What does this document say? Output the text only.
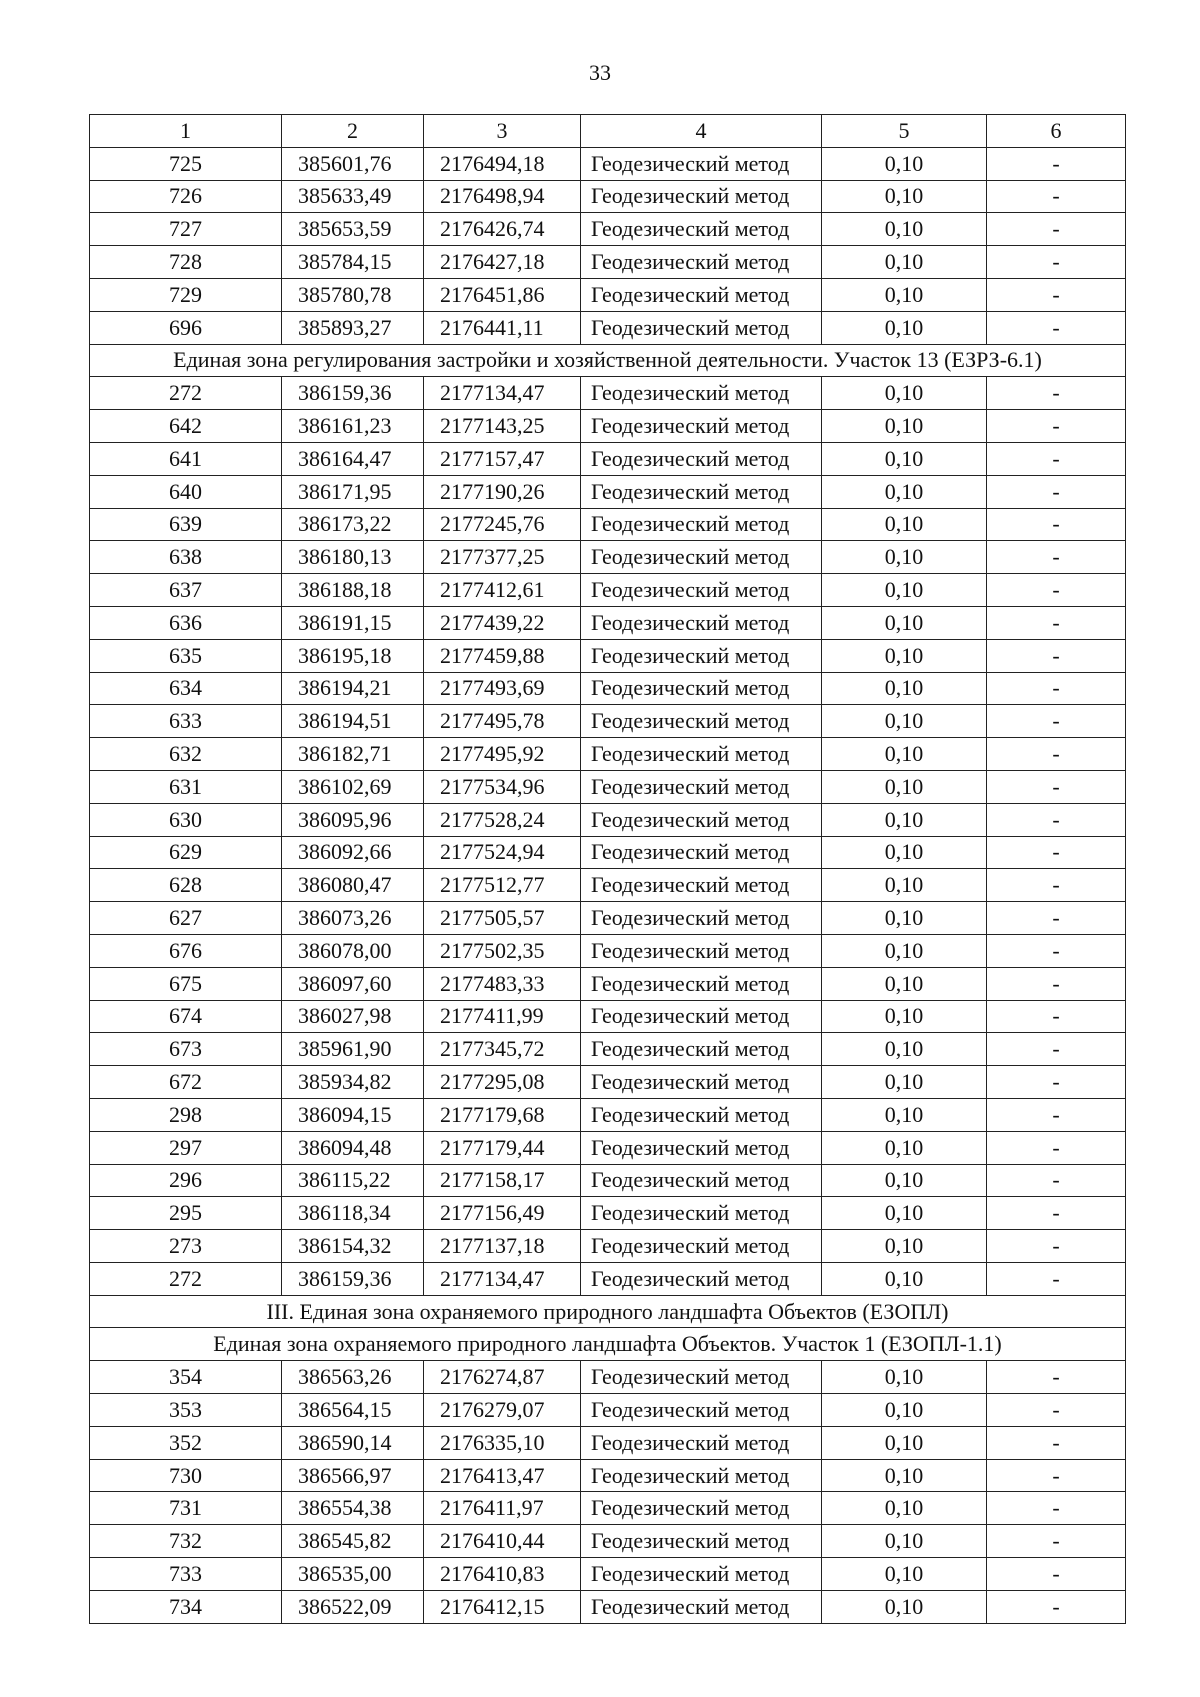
33
1	2	3	4	5	6
725	385601,76	2176494,18	Геодезический метод	0,10	-
726	385633,49	2176498,94	Геодезический метод	0,10	-
727	385653,59	2176426,74	Геодезический метод	0,10	-
728	385784,15	2176427,18	Геодезический метод	0,10	-
729	385780,78	2176451,86	Геодезический метод	0,10	-
696	385893,27	2176441,11	Геодезический метод	0,10	-
Единая зона регулирования застройки и хозяйственной деятельности. Участок 13 (ЕЗРЗ-6.1)					
272	386159,36	2177134,47	Геодезический метод	0,10	-
642	386161,23	2177143,25	Геодезический метод	0,10	-
641	386164,47	2177157,47	Геодезический метод	0,10	-
640	386171,95	2177190,26	Геодезический метод	0,10	-
639	386173,22	2177245,76	Геодезический метод	0,10	-
638	386180,13	2177377,25	Геодезический метод	0,10	-
637	386188,18	2177412,61	Геодезический метод	0,10	-
636	386191,15	2177439,22	Геодезический метод	0,10	-
635	386195,18	2177459,88	Геодезический метод	0,10	-
634	386194,21	2177493,69	Геодезический метод	0,10	-
633	386194,51	2177495,78	Геодезический метод	0,10	-
632	386182,71	2177495,92	Геодезический метод	0,10	-
631	386102,69	2177534,96	Геодезический метод	0,10	-
630	386095,96	2177528,24	Геодезический метод	0,10	-
629	386092,66	2177524,94	Геодезический метод	0,10	-
628	386080,47	2177512,77	Геодезический метод	0,10	-
627	386073,26	2177505,57	Геодезический метод	0,10	-
676	386078,00	2177502,35	Геодезический метод	0,10	-
675	386097,60	2177483,33	Геодезический метод	0,10	-
674	386027,98	2177411,99	Геодезический метод	0,10	-
673	385961,90	2177345,72	Геодезический метод	0,10	-
672	385934,82	2177295,08	Геодезический метод	0,10	-
298	386094,15	2177179,68	Геодезический метод	0,10	-
297	386094,48	2177179,44	Геодезический метод	0,10	-
296	386115,22	2177158,17	Геодезический метод	0,10	-
295	386118,34	2177156,49	Геодезический метод	0,10	-
273	386154,32	2177137,18	Геодезический метод	0,10	-
272	386159,36	2177134,47	Геодезический метод	0,10	-
III. Единая зона охраняемого природного ландшафта Объектов (ЕЗОПЛ)					
Единая зона охраняемого природного ландшафта Объектов. Участок 1 (ЕЗОПЛ-1.1)					
354	386563,26	2176274,87	Геодезический метод	0,10	-
353	386564,15	2176279,07	Геодезический метод	0,10	-
352	386590,14	2176335,10	Геодезический метод	0,10	-
730	386566,97	2176413,47	Геодезический метод	0,10	-
731	386554,38	2176411,97	Геодезический метод	0,10	-
732	386545,82	2176410,44	Геодезический метод	0,10	-
733	386535,00	2176410,83	Геодезический метод	0,10	-
734	386522,09	2176412,15	Геодезический метод	0,10	-
